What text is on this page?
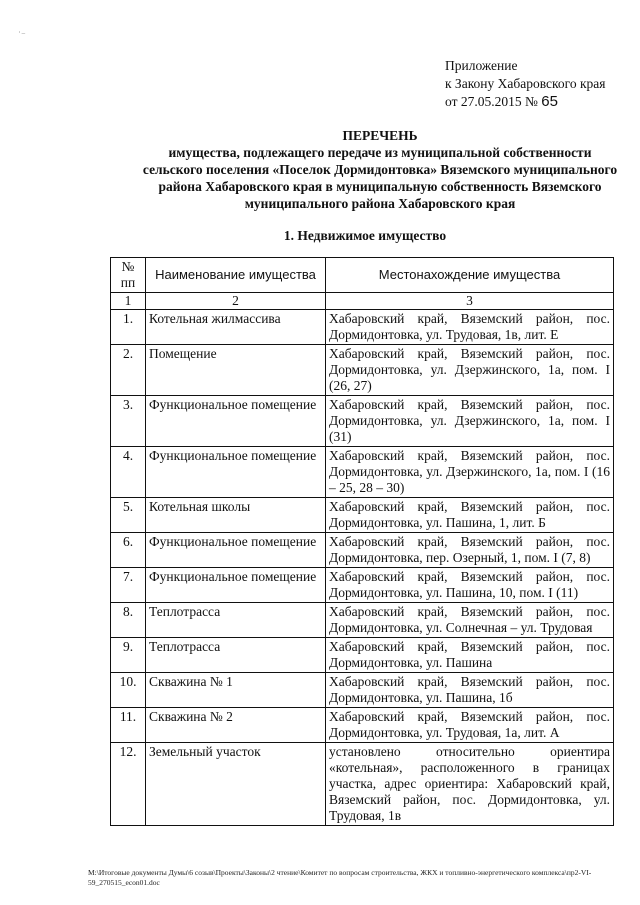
˙⁻
Приложение
к Закону Хабаровского края
от 27.05.2015 № 65
ПЕРЕЧЕНЬ
имущества, подлежащего передаче из муниципальной собственности
сельского поселения «Поселок Дормидонтовка» Вяземского муниципального
района Хабаровского края в муниципальную собственность Вяземского
муниципального района Хабаровского края
1. Недвижимое имущество
№ пп	Наименование имущества	Местонахождение имущества
1	2	3
1.	Котельная жилмассива	Хабаровский край, Вяземский район, пос. Дормидонтовка, ул. Трудовая, 1в, лит. Е
2.	Помещение	Хабаровский край, Вяземский район, пос. Дормидонтовка, ул. Дзержинского, 1а, пом. I (26, 27)
3.	Функциональное помещение	Хабаровский край, Вяземский район, пос. Дормидонтовка, ул. Дзержинского, 1а, пом. I (31)
4.	Функциональное помещение	Хабаровский край, Вяземский район, пос. Дормидонтовка, ул. Дзержинского, 1а, пом. I (16 – 25, 28 – 30)
5.	Котельная школы	Хабаровский край, Вяземский район, пос. Дормидонтовка, ул. Пашина, 1, лит. Б
6.	Функциональное помещение	Хабаровский край, Вяземский район, пос. Дормидонтовка, пер. Озерный, 1, пом. I (7, 8)
7.	Функциональное помещение	Хабаровский край, Вяземский район, пос. Дормидонтовка, ул. Пашина, 10, пом. I (11)
8.	Теплотрасса	Хабаровский край, Вяземский район, пос. Дормидонтовка, ул. Солнечная – ул. Трудовая
9.	Теплотрасса	Хабаровский край, Вяземский район, пос. Дормидонтовка, ул. Пашина
10.	Скважина № 1	Хабаровский край, Вяземский район, пос. Дормидонтовка, ул. Пашина, 1б
11.	Скважина № 2	Хабаровский край, Вяземский район, пос. Дормидонтовка, ул. Трудовая, 1а, лит. А
12.	Земельный участок	установлено относительно ориентира «котельная», расположенного в границах участка, адрес ориентира: Хабаровский край, Вяземский район, пос. Дормидонтовка, ул. Трудовая, 1в
М:\Итоговые документы Думы\6 созыв\Проекты\Законы\2 чтение\Комитет по вопросам строительства, ЖКХ и топливно-энергетического комплекса\пр2-VI-59_270515_econ01.doc
